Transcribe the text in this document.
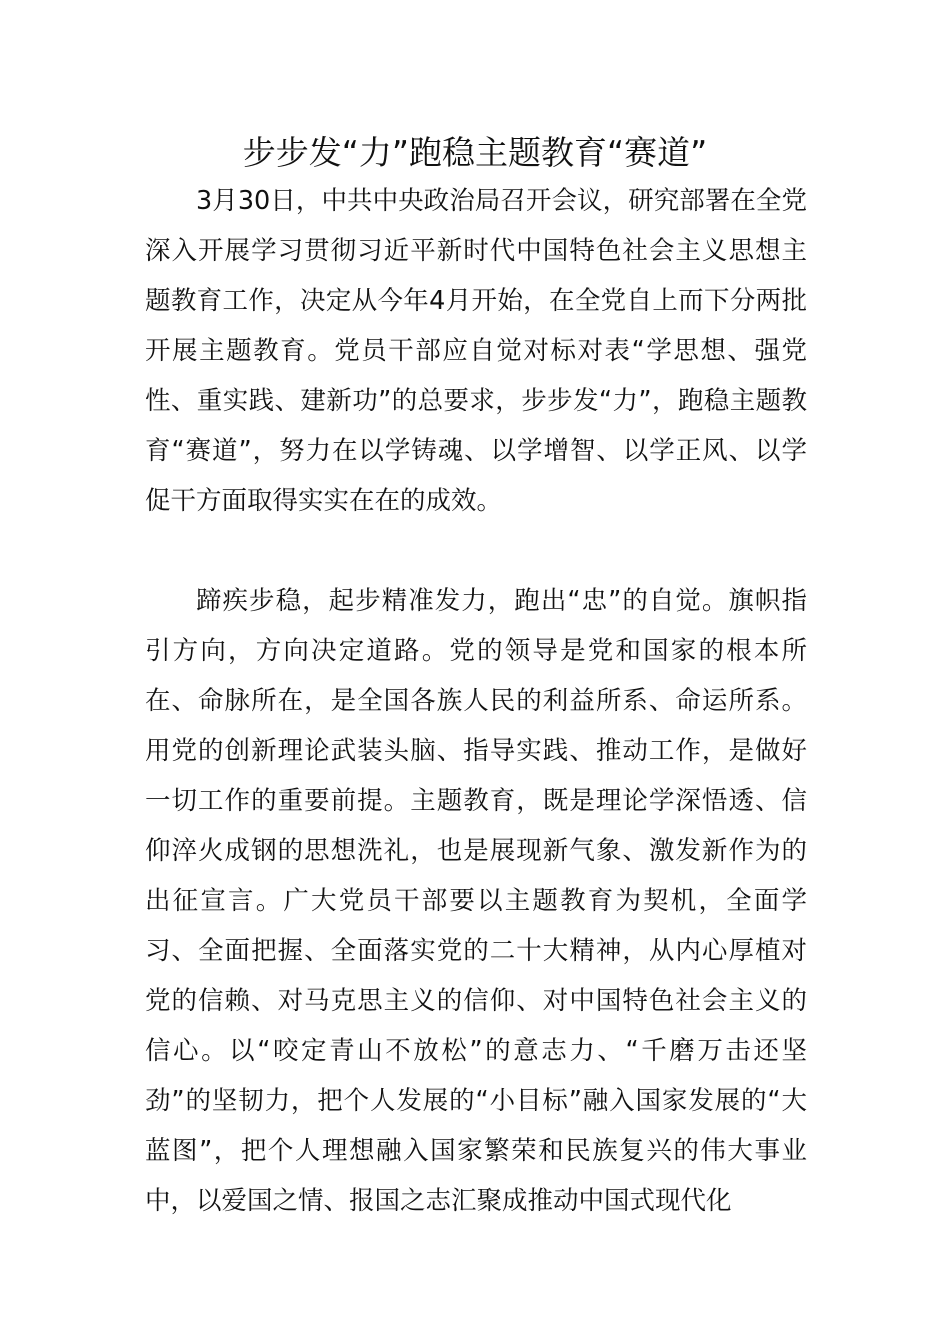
步步发“力”跑稳主题教育“赛道”

3月30日，中共中央政治局召开会议，研究部署在全党深入开展学习贯彻习近平新时代中国特色社会主义思想主题教育工作，决定从今年4月开始，在全党自上而下分两批开展主题教育。党员干部应自觉对标对表“学思想、强党性、重实践、建新功”的总要求，步步发“力”，跑稳主题教育“赛道”，努力在以学铸魂、以学增智、以学正风、以学促干方面取得实实在在的成效。

蹄疾步稳，起步精准发力，跑出“忠”的自觉。旗帜指引方向，方向决定道路。党的领导是党和国家的根本所在、命脉所在，是全国各族人民的利益所系、命运所系。用党的创新理论武装头脑、指导实践、推动工作，是做好一切工作的重要前提。主题教育，既是理论学深悟透、信仰淬火成钢的思想洗礼，也是展现新气象、激发新作为的出征宣言。广大党员干部要以主题教育为契机，全面学习、全面把握、全面落实党的二十大精神，从内心厚植对党的信赖、对马克思主义的信仰、对中国特色社会主义的信心。以“咬定青山不放松”的意志力、“千磨万击还坚劲”的坚韧力，把个人发展的“小目标”融入国家发展的“大蓝图”，把个人理想融入国家繁荣和民族复兴的伟大事业中，以爱国之情、报国之志汇聚成推动中国式现代化
